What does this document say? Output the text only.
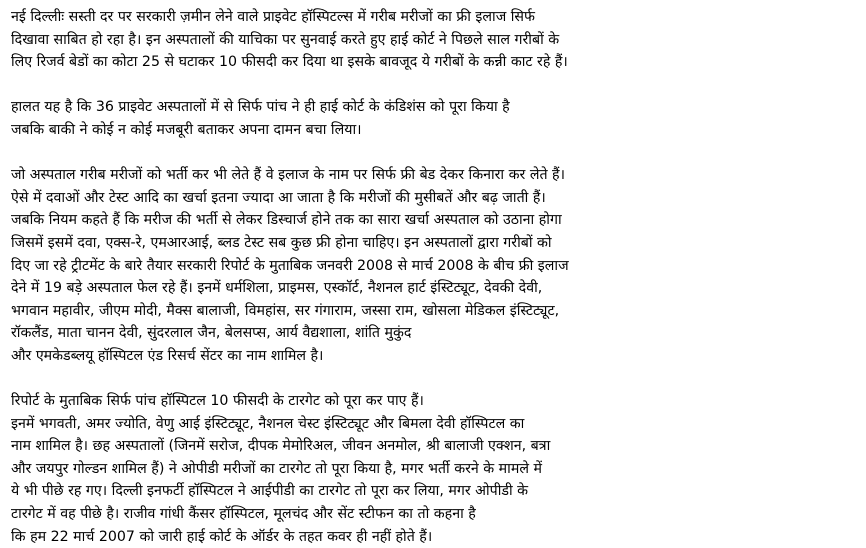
नई दिल्लीः सस्ती दर पर सरकारी ज़मीन लेने वाले प्राइवेट हॉस्पिटल्स में गरीब मरीजों का फ्री इलाज सिर्फ
दिखावा साबित हो रहा है। इन अस्पतालों की याचिका पर सुनवाई करते हुए हाई कोर्ट ने पिछले साल गरीबों के
लिए रिजर्व बेडों का कोटा 25 से घटाकर 10 फीसदी कर दिया था इसके बावजूद ये गरीबों के कन्नी काट रहे हैं।
हालत यह है कि 36 प्राइवेट अस्पतालों में से सिर्फ पांच ने ही हाई कोर्ट के कंडिशंस को पूरा किया है
जबकि बाकी ने कोई न कोई मजबूरी बताकर अपना दामन बचा लिया।
जो अस्पताल गरीब मरीजों को भर्ती कर भी लेते हैं वे इलाज के नाम पर सिर्फ फ्री बेड देकर किनारा कर लेते हैं।
ऐसे में दवाओं और टेस्ट आदि का खर्चा इतना ज्यादा आ जाता है कि मरीजों की मुसीबतें और बढ़ जाती हैं।
जबकि नियम कहते हैं कि मरीज की भर्ती से लेकर डिस्चार्ज होने तक का सारा खर्चा अस्पताल को उठाना होगा
जिसमें इसमें दवा, एक्स-रे, एमआरआई, ब्लड टेस्ट सब कुछ फ्री होना चाहिए। इन अस्पतालों द्वारा गरीबों को
दिए जा रहे ट्रीटमेंट के बारे तैयार सरकारी रिपोर्ट के मुताबिक जनवरी 2008 से मार्च 2008 के बीच फ्री इलाज
देने में 19 बड़े अस्पताल फेल रहे हैं। इनमें धर्मशिला, प्राइमस, एस्कॉर्ट, नैशनल हार्ट इंस्टिट्यूट, देवकी देवी,
भगवान महावीर, जीएम मोदी, मैक्स बालाजी, विमहांस, सर गंगाराम, जस्सा राम, खोसला मेडिकल इंस्टिट्यूट,
रॉकलैंड, माता चानन देवी, सुंदरलाल जैन, बेलसप्स, आर्य वैद्यशाला, शांति मुकुंद
और एमकेडब्लयू हॉस्पिटल एंड रिसर्च सेंटर का नाम शामिल है।
रिपोर्ट के मुताबिक सिर्फ पांच हॉस्पिटल 10 फीसदी के टारगेट को पूरा कर पाए हैं।
इनमें भगवती, अमर ज्योति, वेणु आई इंस्टिट्यूट, नैशनल चेस्ट इंस्टिट्यूट और बिमला देवी हॉस्पिटल का
नाम शामिल है। छह अस्पतालों (जिनमें सरोज, दीपक मेमोरिअल, जीवन अनमोल, श्री बालाजी एक्शन, बत्रा
और जयपुर गोल्डन शामिल हैं) ने ओपीडी मरीजों का टारगेट तो पूरा किया है, मगर भर्ती करने के मामले में
ये भी पीछे रह गए। दिल्ली इनफर्टी हॉस्पिटल ने आईपीडी का टारगेट तो पूरा कर लिया, मगर ओपीडी के
टारगेट में वह पीछे है। राजीव गांधी कैंसर हॉस्पिटल, मूलचंद और सेंट स्टीफन का तो कहना है
कि हम 22 मार्च 2007 को जारी हाई कोर्ट के ऑर्डर के तहत कवर ही नहीं होते हैं।
